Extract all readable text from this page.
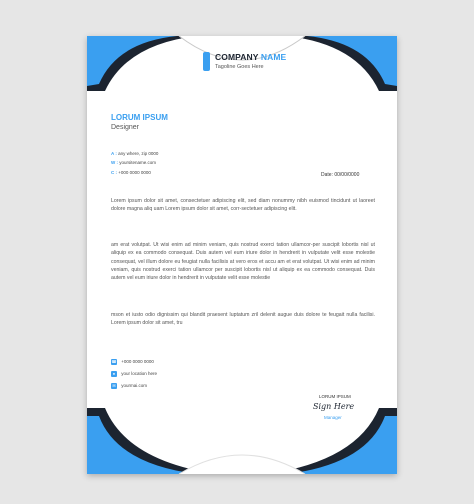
COMPANY NAME
Tagoline Goes Here
LORUM IPSUM
Designer
A : any where, zip 0000
W : yoursitename.com
C : +000 0000 0000	Date: 00/00/0000
Lorem ipsum dolor sit amet, consectetuer adipiscing elit, sed diam nonummy nibh euismod tincidunt ut laoreet dolore magna aliq uam Lorem ipsum dolor sit amet, corr-sectetuer adipiscing elit.
am erat volutpat. Ut wisi enim ad minim veniam, quis nostrud exerci tation ullamcor-per suscipit lobortis nisl ut aliquip ex ea commodo consequat. Duis autem vel eum iriure dolor in hendrerit in vulputate velit esse molestie consequat, vel illum dolore eu feugiat nulla facilisis at vero eros et accu am et erat volutpat. Ut wisi enim ad minim veniam, quis nostrud exerci tation ullamcor per suscipit lobortis nisl ut aliquip ex ea commodo consequat. Duis autem vel eum iriure dolor in hendrerit in vulputate velit esse molestie
mson et iusto odio dignissim qui blandit praesent luptatum zril delenit augue duis dolore te feugait nulla facilisi. Lorem ipsum dolor sit amet, tru
☎ +000 0000 0000
● your location here
✉ yourmai.com
LORUM IPSUM
Sign Here
Manager
